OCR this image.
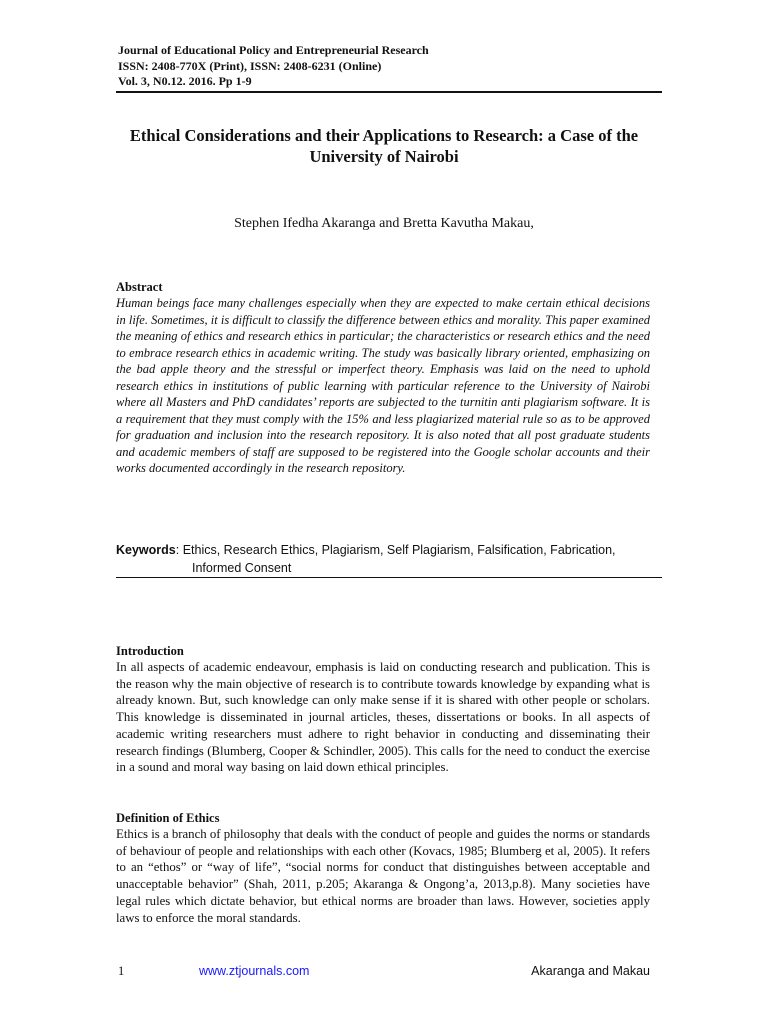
Journal of Educational Policy and Entrepreneurial Research
ISSN: 2408-770X (Print), ISSN: 2408-6231 (Online)
Vol. 3, N0.12. 2016. Pp 1-9
Ethical Considerations and their Applications to Research: a Case of the University of Nairobi
Stephen Ifedha Akaranga and Bretta Kavutha Makau,
Abstract

Human beings face many challenges especially when they are expected to make certain ethical decisions in life. Sometimes, it is difficult to classify the difference between ethics and morality. This paper examined the meaning of ethics and research ethics in particular; the characteristics or research ethics and the need to embrace research ethics in academic writing. The study was basically library oriented, emphasizing on the bad apple theory and the stressful or imperfect theory. Emphasis was laid on the need to uphold research ethics in institutions of public learning with particular reference to the University of Nairobi where all Masters and PhD candidates’ reports are subjected to the turnitin anti plagiarism software. It is a requirement that they must comply with the 15% and less plagiarized material rule so as to be approved for graduation and inclusion into the research repository. It is also noted that all post graduate students and academic members of staff are supposed to be registered into the Google scholar accounts and their works documented accordingly in the research repository.

Keywords: Ethics, Research Ethics, Plagiarism, Self Plagiarism, Falsification, Fabrication,
Informed Consent
Introduction

In all aspects of academic endeavour, emphasis is laid on conducting research and publication. This is the reason why the main objective of research is to contribute towards knowledge by expanding what is already known. But, such knowledge can only make sense if it is shared with other people or scholars. This knowledge is disseminated in journal articles, theses, dissertations or books. In all aspects of academic writing researchers must adhere to right behavior in conducting and disseminating their research findings (Blumberg, Cooper & Schindler, 2005). This calls for the need to conduct the exercise in a sound and moral way basing on laid down ethical principles.

Definition of Ethics

Ethics is a branch of philosophy that deals with the conduct of people and guides the norms or standards of behaviour of people and relationships with each other (Kovacs, 1985; Blumberg et al, 2005). It refers to an “ethos” or “way of life”, “social norms for conduct that distinguishes between acceptable and unacceptable behavior” (Shah, 2011, p.205; Akaranga & Ongong’a, 2013,p.8). Many societies have legal rules which dictate behavior, but ethical norms are broader than laws. However, societies apply laws to enforce the moral standards.

1	www.ztjournals.com	Akaranga and Makau
